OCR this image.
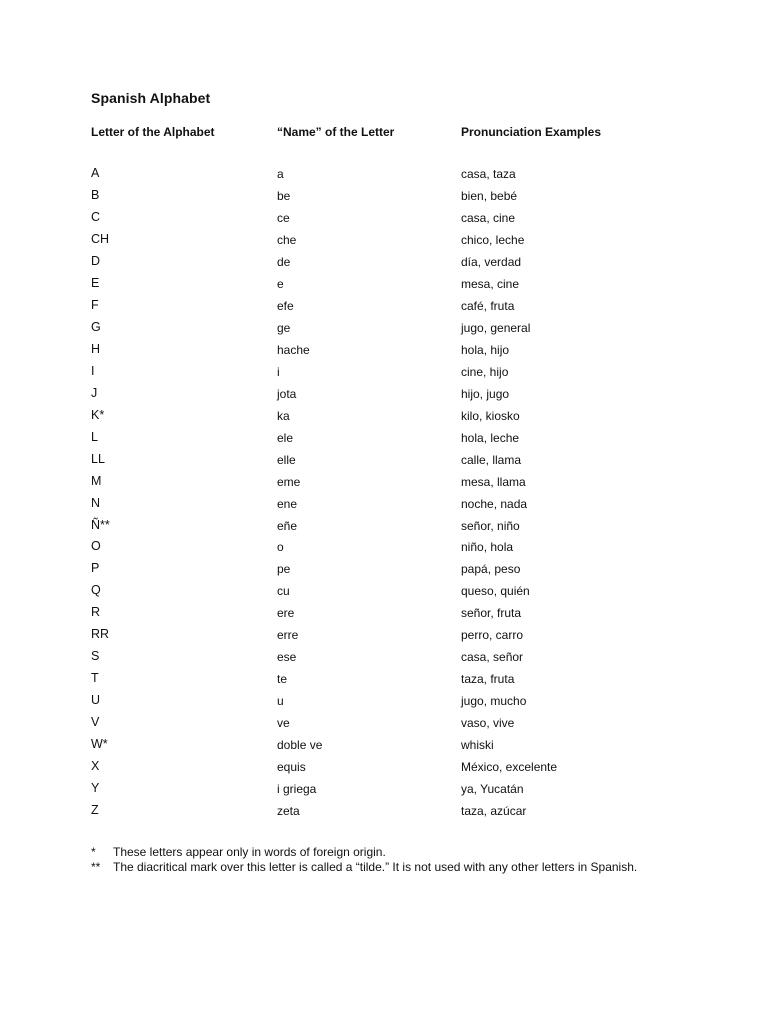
Spanish Alphabet
Letter of the Alphabet	“Name” of the Letter	Pronunciation Examples
A	a	casa, taza
B	be	bien, bebé
C	ce	casa, cine
CH	che	chico, leche
D	de	día, verdad
E	e	mesa, cine
F	efe	café, fruta
G	ge	jugo, general
H	hache	hola, hijo
I	i	cine, hijo
J	jota	hijo, jugo
K*	ka	kilo, kiosko
L	ele	hola, leche
LL	elle	calle, llama
M	eme	mesa, llama
N	ene	noche, nada
Ñ**	eñe	señor, niño
O	o	niño, hola
P	pe	papá, peso
Q	cu	queso, quién
R	ere	señor, fruta
RR	erre	perro, carro
S	ese	casa, señor
T	te	taza, fruta
U	u	jugo, mucho
V	ve	vaso, vive
W*	doble ve	whiski
X	equis	México, excelente
Y	i griega	ya, Yucatán
Z	zeta	taza, azúcar
* These letters appear only in words of foreign origin.
** The diacritical mark over this letter is called a “tilde.” It is not used with any other letters in Spanish.
